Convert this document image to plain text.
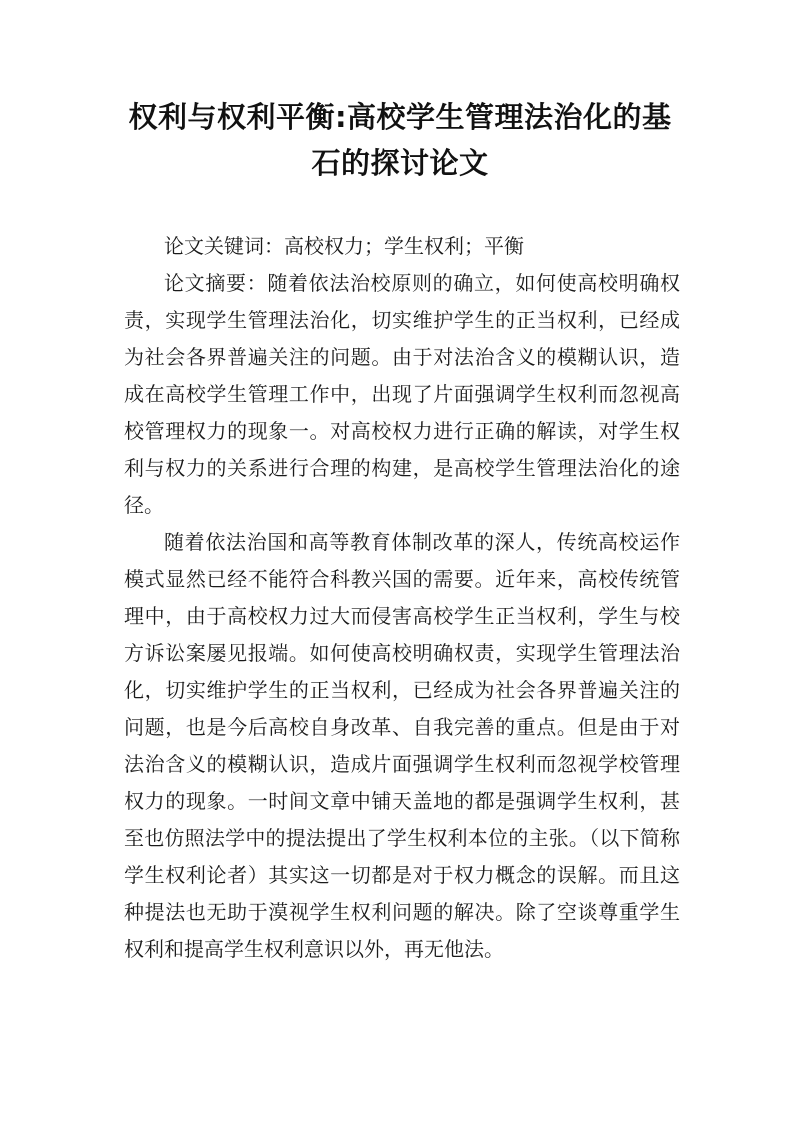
权利与权利平衡:高校学生管理法治化的基
石的探讨论文

论文关键词：高校权力；学生权利；平衡

论文摘要：随着依法治校原则的确立，如何使高校明确权责，实现学生管理法治化，切实维护学生的正当权利，已经成为社会各界普遍关注的问题。由于对法治含义的模糊认识，造成在高校学生管理工作中，出现了片面强调学生权利而忽视高校管理权力的现象一。对高校权力进行正确的解读，对学生权利与权力的关系进行合理的构建，是高校学生管理法治化的途径。

随着依法治国和高等教育体制改革的深人，传统高校运作模式显然已经不能符合科教兴国的需要。近年来，高校传统管理中，由于高校权力过大而侵害高校学生正当权利，学生与校方诉讼案屡见报端。如何使高校明确权责，实现学生管理法治化，切实维护学生的正当权利，已经成为社会各界普遍关注的问题，也是今后高校自身改革、自我完善的重点。但是由于对法治含义的模糊认识，造成片面强调学生权利而忽视学校管理权力的现象。一时间文章中铺天盖地的都是强调学生权利，甚至也仿照法学中的提法提出了学生权利本位的主张。（以下简称学生权利论者）其实这一切都是对于权力概念的误解。而且这种提法也无助于漠视学生权利问题的解决。除了空谈尊重学生权利和提高学生权利意识以外，再无他法。
